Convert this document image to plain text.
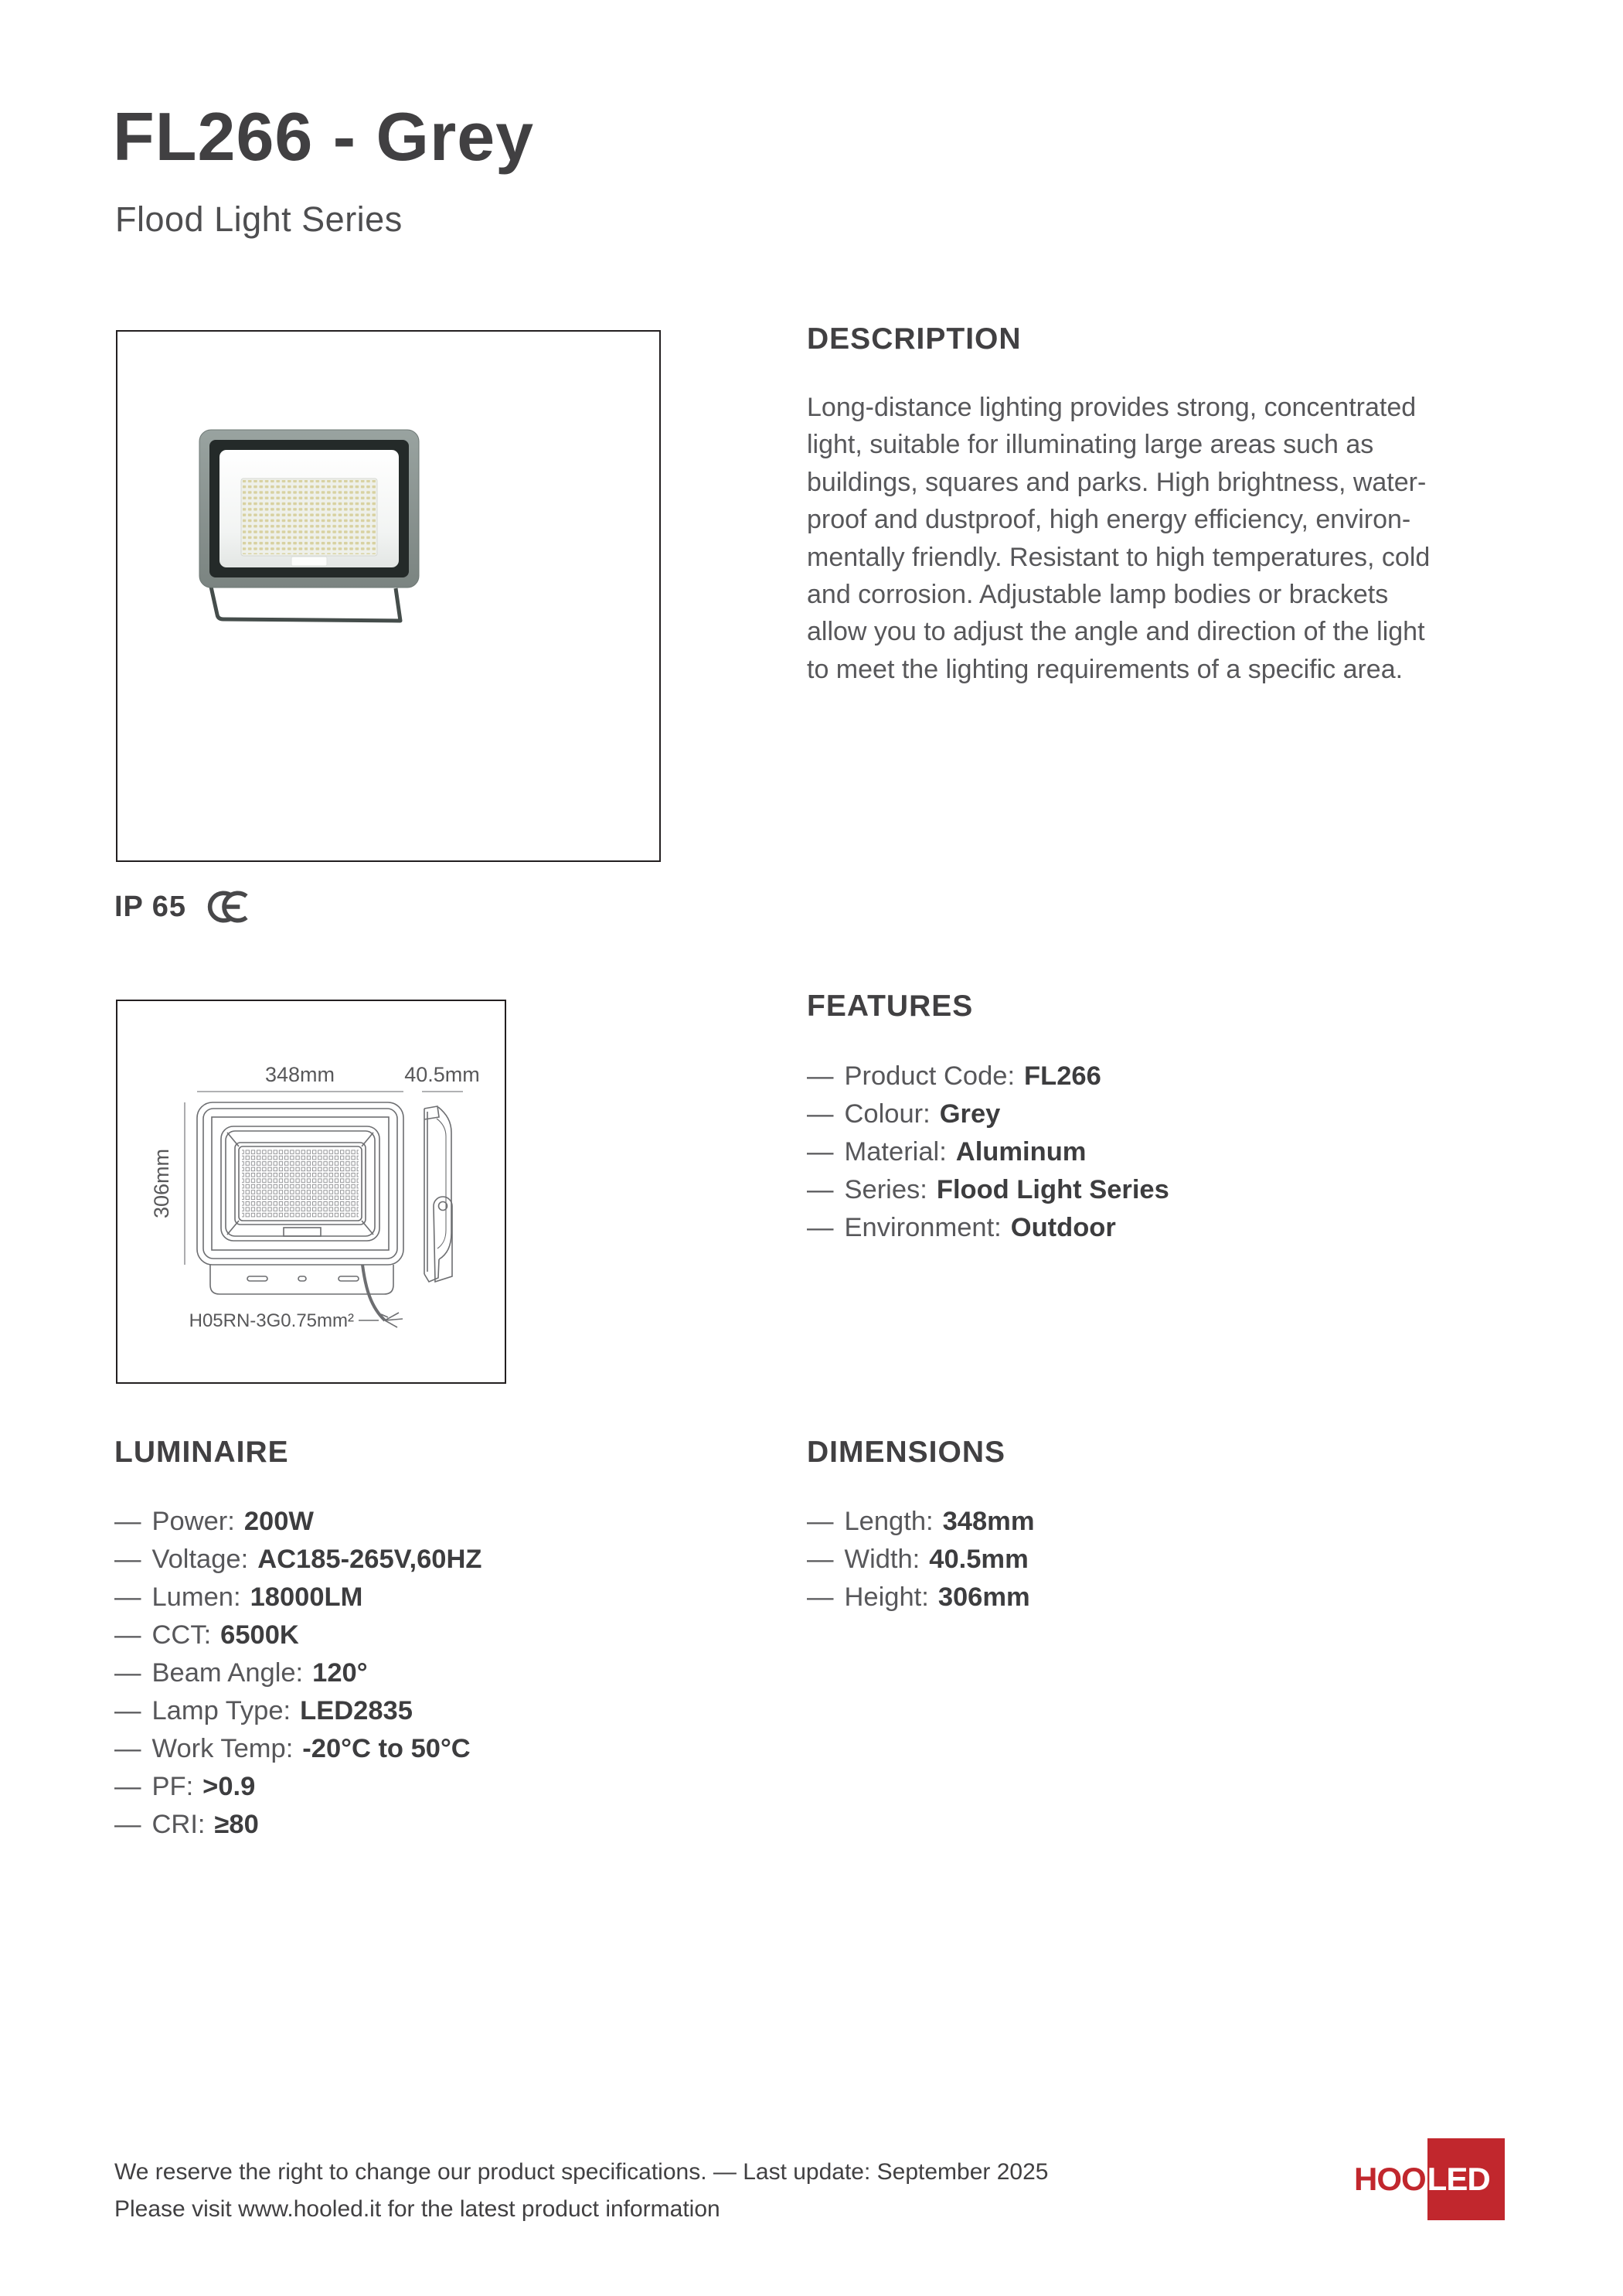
FL266 - Grey
Flood Light Series
DESCRIPTION
Long-distance lighting provides strong, concentrated
light, suitable for illuminating large areas such as
buildings, squares and parks. High brightness, water-
proof and dustproof, high energy efficiency, environ-
mentally friendly. Resistant to high temperatures, cold
and corrosion. Adjustable lamp bodies or brackets
allow you to adjust the angle and direction of the light
to meet the lighting requirements of a specific area.
IP 65
348mm	40.5mm
306mm
H05RN-3G0.75mm²
FEATURES
— Product Code: FL266
— Colour: Grey
— Material: Aluminum
— Series: Flood Light Series
— Environment: Outdoor
LUMINAIRE
— Power: 200W
— Voltage: AC185-265V,60HZ
— Lumen: 18000LM
— CCT: 6500K
— Beam Angle: 120°
— Lamp Type: LED2835
— Work Temp: -20°C to 50°C
— PF: >0.9
— CRI: ≥80
DIMENSIONS
— Length: 348mm
— Width: 40.5mm
— Height: 306mm
We reserve the right to change our product specifications. — Last update: September 2025
Please visit www.hooled.it for the latest product information
HOO LED
